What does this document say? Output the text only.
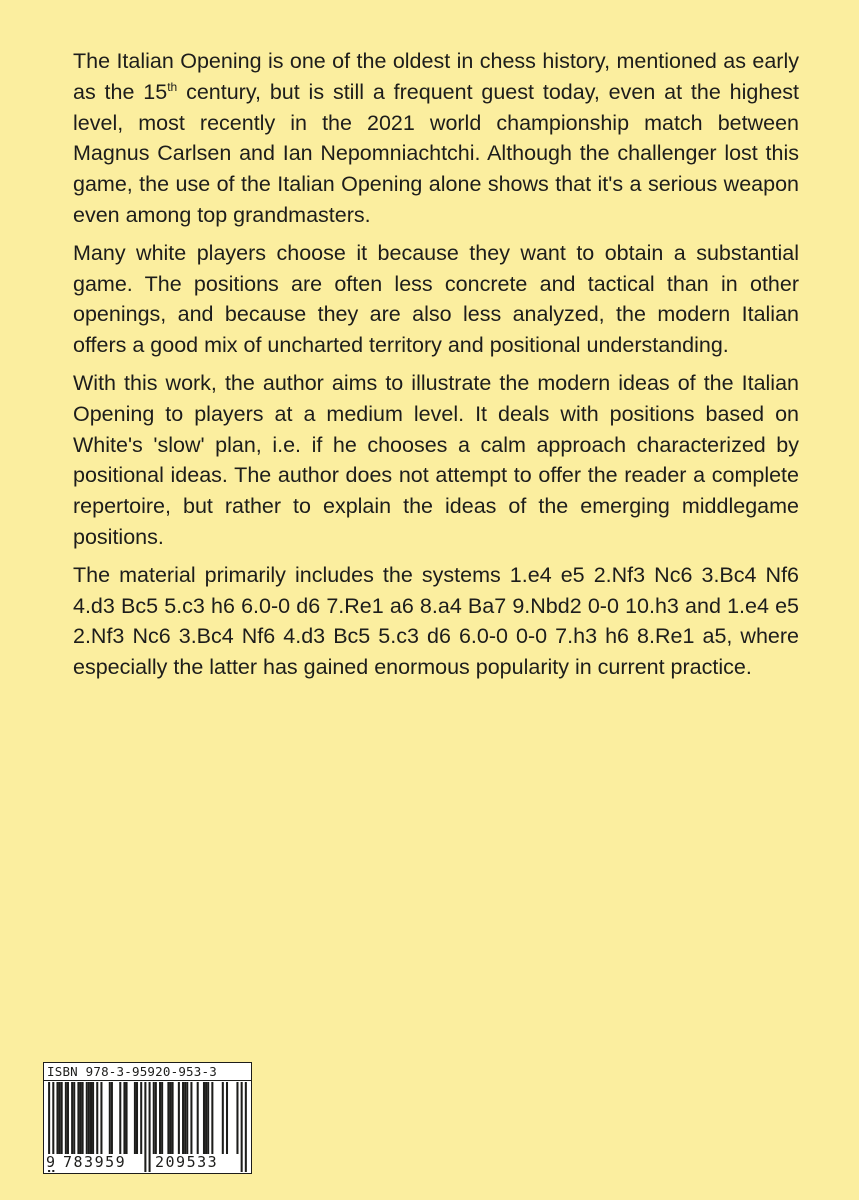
The Italian Opening is one of the oldest in chess history, mentioned as early as the 15th century, but is still a frequent guest today, even at the highest level, most recently in the 2021 world championship match between Magnus Carlsen and Ian Nepomniachtchi. Although the challenger lost this game, the use of the Italian Opening alone shows that it's a serious weapon even among top grandmasters.

Many white players choose it because they want to obtain a substantial game. The positions are often less concrete and tactical than in other openings, and because they are also less analyzed, the modern Italian offers a good mix of uncharted territory and positional understanding.

With this work, the author aims to illustrate the modern ideas of the Italian Opening to players at a medium level. It deals with positions based on White's 'slow' plan, i.e. if he chooses a calm approach characterized by positional ideas. The author does not attempt to offer the reader a complete repertoire, but rather to explain the ideas of the emerging middlegame positions.

The material primarily includes the systems 1.e4 e5 2.Nf3 Nc6 3.Bc4 Nf6 4.d3 Bc5 5.c3 h6 6.0-0 d6 7.Re1 a6 8.a4 Ba7 9.Nbd2 0-0 10.h3 and 1.e4 e5 2.Nf3 Nc6 3.Bc4 Nf6 4.d3 Bc5 5.c3 d6 6.0-0 0-0 7.h3 h6 8.Re1 a5, where especially the latter has gained enormous popularity in current practice.

ISBN 978-3-95920-953-3
9 783959 209533
